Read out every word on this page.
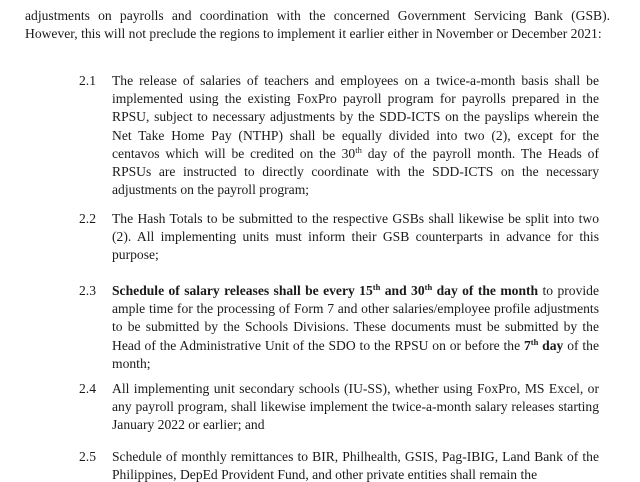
adjustments on payrolls and coordination with the concerned Government Servicing Bank (GSB). However, this will not preclude the regions to implement it earlier either in November or December 2021:

2.1 The release of salaries of teachers and employees on a twice-a-month basis shall be implemented using the existing FoxPro payroll program for payrolls prepared in the RPSU, subject to necessary adjustments by the SDD-ICTS on the payslips wherein the Net Take Home Pay (NTHP) shall be equally divided into two (2), except for the centavos which will be credited on the 30th day of the payroll month. The Heads of RPSUs are instructed to directly coordinate with the SDD-ICTS on the necessary adjustments on the payroll program;
2.2 The Hash Totals to be submitted to the respective GSBs shall likewise be split into two (2). All implementing units must inform their GSB counterparts in advance for this purpose;
2.3 Schedule of salary releases shall be every 15th and 30th day of the month to provide ample time for the processing of Form 7 and other salaries/employee profile adjustments to be submitted by the Schools Divisions. These documents must be submitted by the Head of the Administrative Unit of the SDO to the RPSU on or before the 7th day of the month;
2.4 All implementing unit secondary schools (IU-SS), whether using FoxPro, MS Excel, or any payroll program, shall likewise implement the twice-a-month salary releases starting January 2022 or earlier; and
2.5 Schedule of monthly remittances to BIR, Philhealth, GSIS, Pag-IBIG, Land Bank of the Philippines, DepEd Provident Fund, and other private entities shall remain the
